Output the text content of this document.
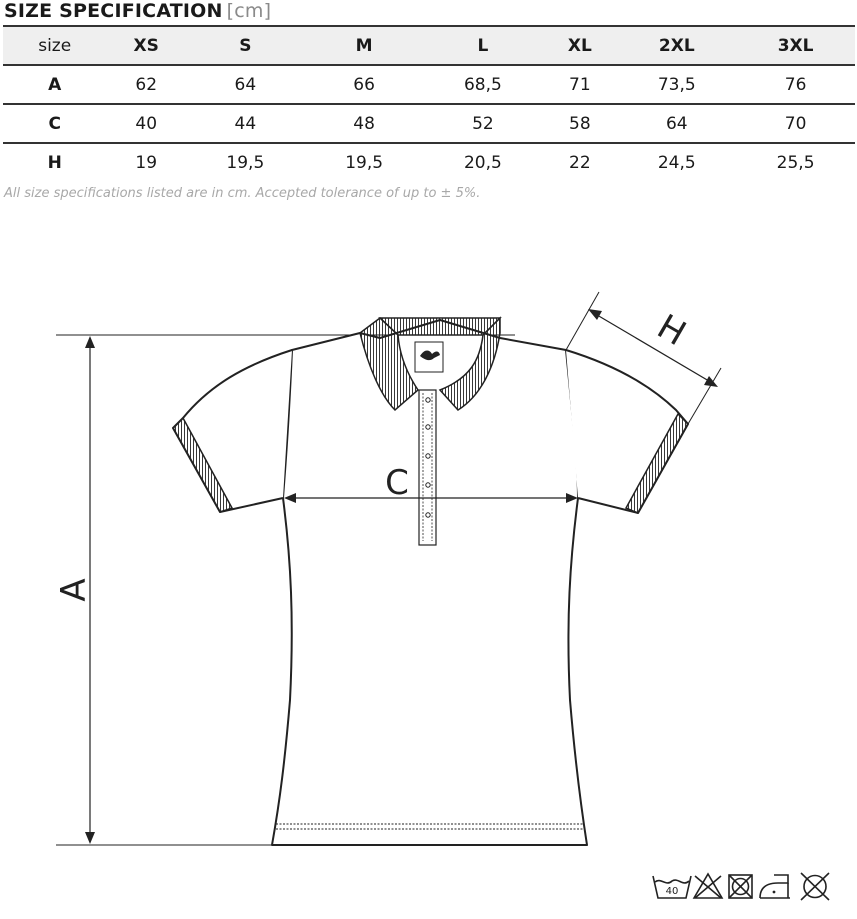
SIZE SPECIFICATION [cm]
size	XS	S	M	L	XL	2XL	3XL
A	62	64	66	68,5	71	73,5	76
C	40	44	48	52	58	64	70
H	19	19,5	19,5	20,5	22	24,5	25,5
All size specifications listed are in cm. Accepted tolerance of up to ± 5%.
A
C
H
40
